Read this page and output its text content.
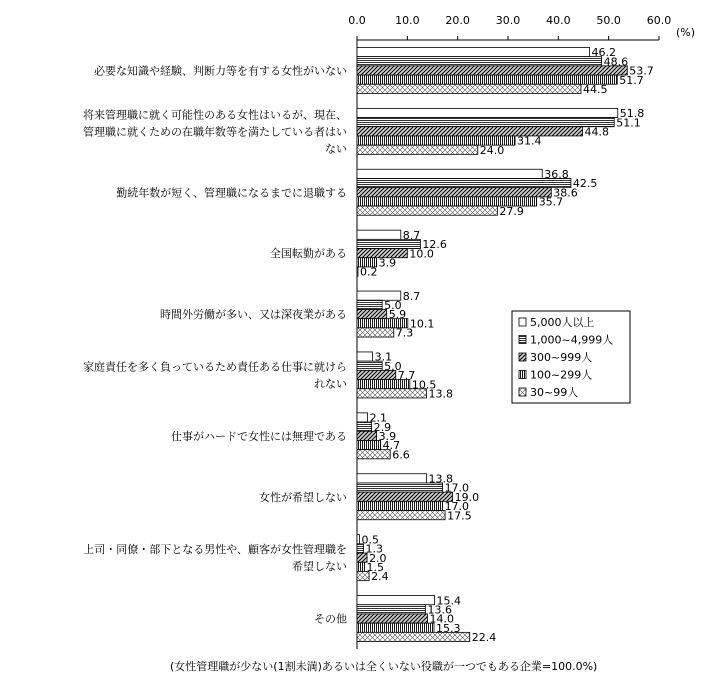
0.0	10.0 20.0 30.0 40.0 50.0 60.0
(%)
必要な知識や経験、判断力等を有する女性がいない
46.2
48.6
53.7
51.7
44.5
将来管理職に就く可能性のある女性はいるが、現在、
管理職に就くための在職年数等を満たしている者はい
ない
51.8
51.1
44.8
31.4
24.0
勤続年数が短く、管理職になるまでに退職する
36.8
42.5
38.6
35.7
27.9
全国転勤がある
8.7
12.6
10.0
3.9
0.2
時間外労働が多い、又は深夜業がある
8.7
5.0
5.9
10.1
7.3
家庭責任を多く負っているため責任ある仕事に就けら
れない
3.1
5.0
7.7
10.5
13.8
仕事がハードで女性には無理である
2.1
2.9
3.9
4.7
6.6
女性が希望しない
13.8
17.0
19.0
17.0
17.5
上司・同僚・部下となる男性や、顧客が女性管理職を
希望しない
0.5
1.3
2.0
1.5
2.4
その他
15.4
13.6
14.0
15.3
22.4
(女性管理職が少ない(1割未満)あるいは全くいない役職が一つでもある企業=100.0%)
5,000人以上
1,000~4,999人
300~999人
100~299人
30~99人
